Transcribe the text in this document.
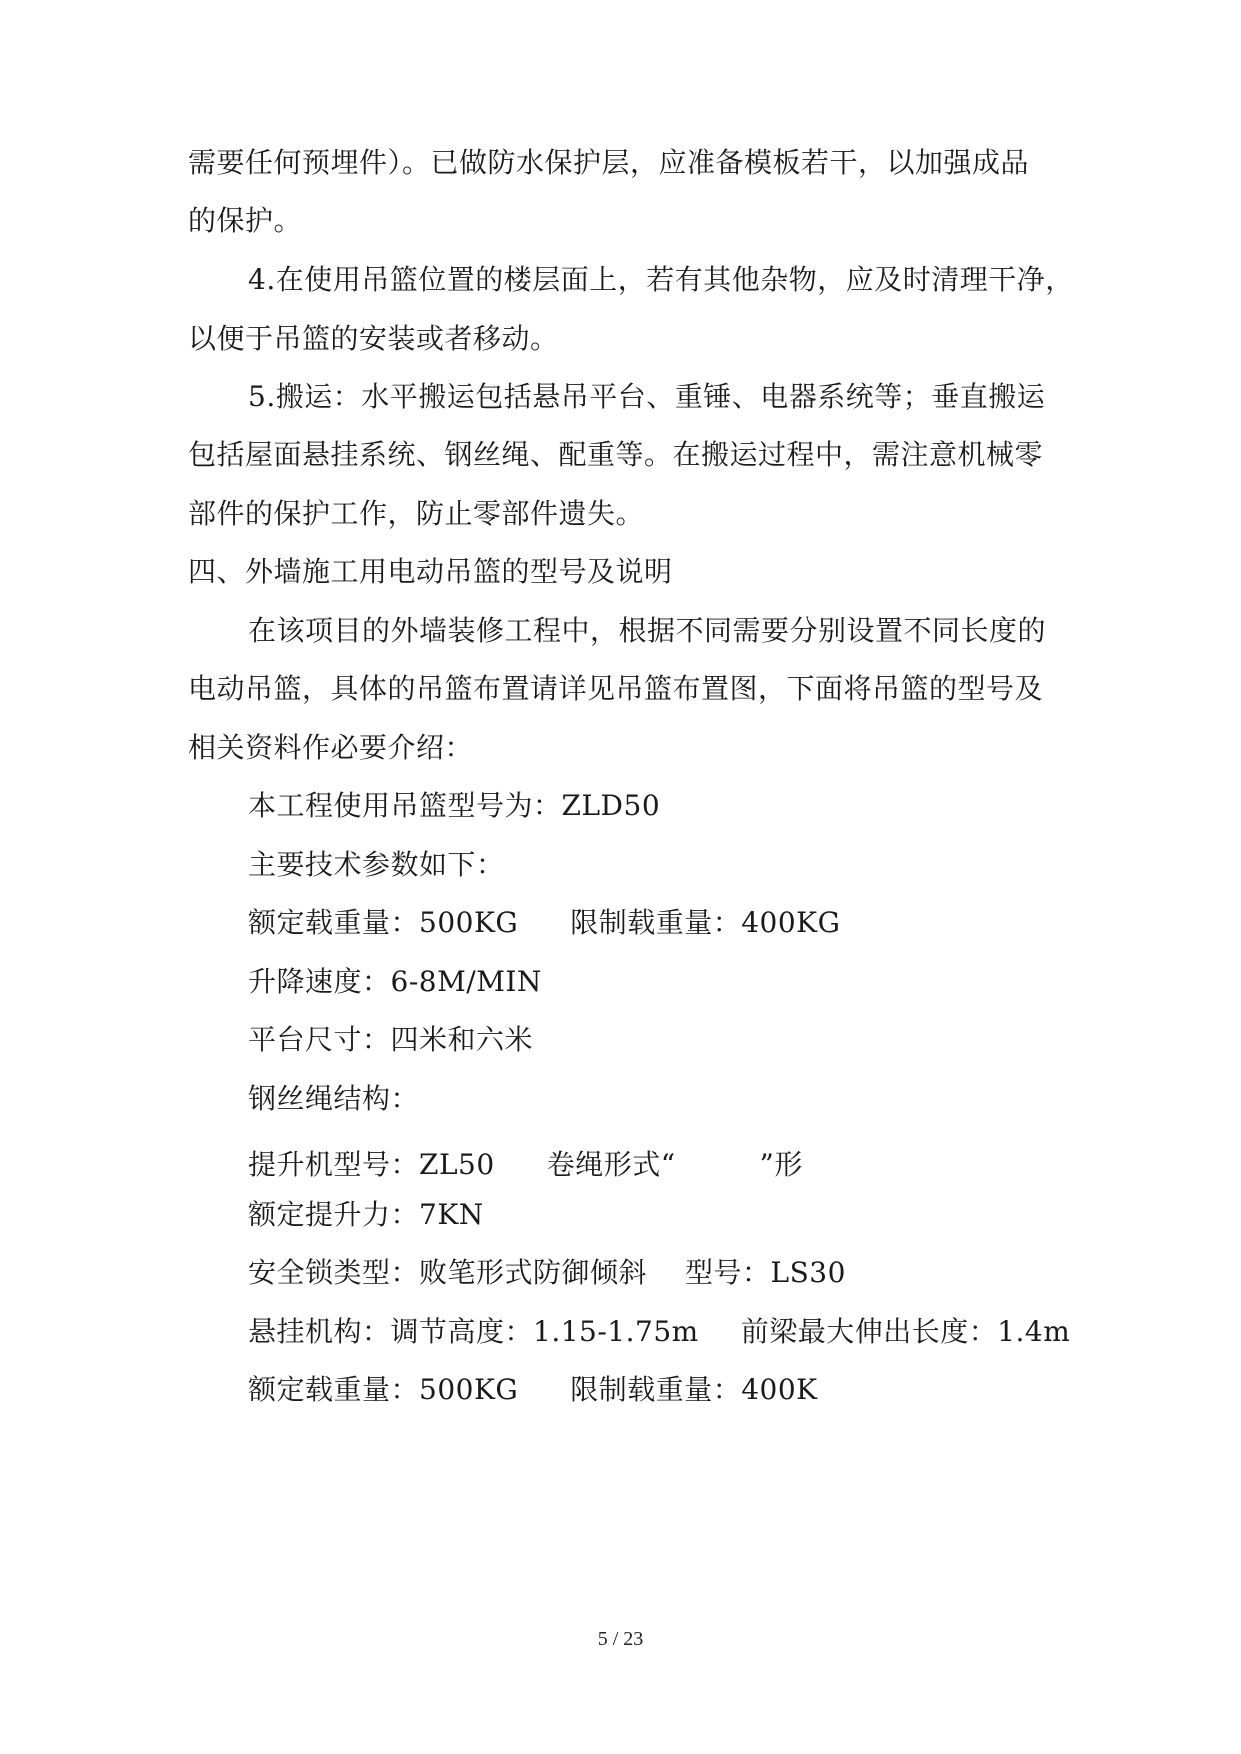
需要任何预埋件）。已做防水保护层，应准备模板若干，以加强成品
的保护。
4.在使用吊篮位置的楼层面上，若有其他杂物，应及时清理干净，
以便于吊篮的安装或者移动。
5.搬运：水平搬运包括悬吊平台、重锤、电器系统等；垂直搬运
包括屋面悬挂系统、钢丝绳、配重等。在搬运过程中，需注意机械零
部件的保护工作，防止零部件遗失。
四、外墙施工用电动吊篮的型号及说明
在该项目的外墙装修工程中，根据不同需要分别设置不同长度的
电动吊篮，具体的吊篮布置请详见吊篮布置图，下面将吊篮的型号及
相关资料作必要介绍：
本工程使用吊篮型号为：ZLD50
主要技术参数如下：
额定载重量：500KG 限制载重量：400KG
升降速度：6-8M/MIN
平台尺寸：四米和六米
钢丝绳结构：
提升机型号：ZL50 卷绳形式“	”形
额定提升力：7KN
安全锁类型：败笔形式防御倾斜 型号：LS30
悬挂机构：调节高度：1.15-1.75m 前梁最大伸出长度：1.4m
额定载重量：500KG 限制载重量：400K
5 / 23
